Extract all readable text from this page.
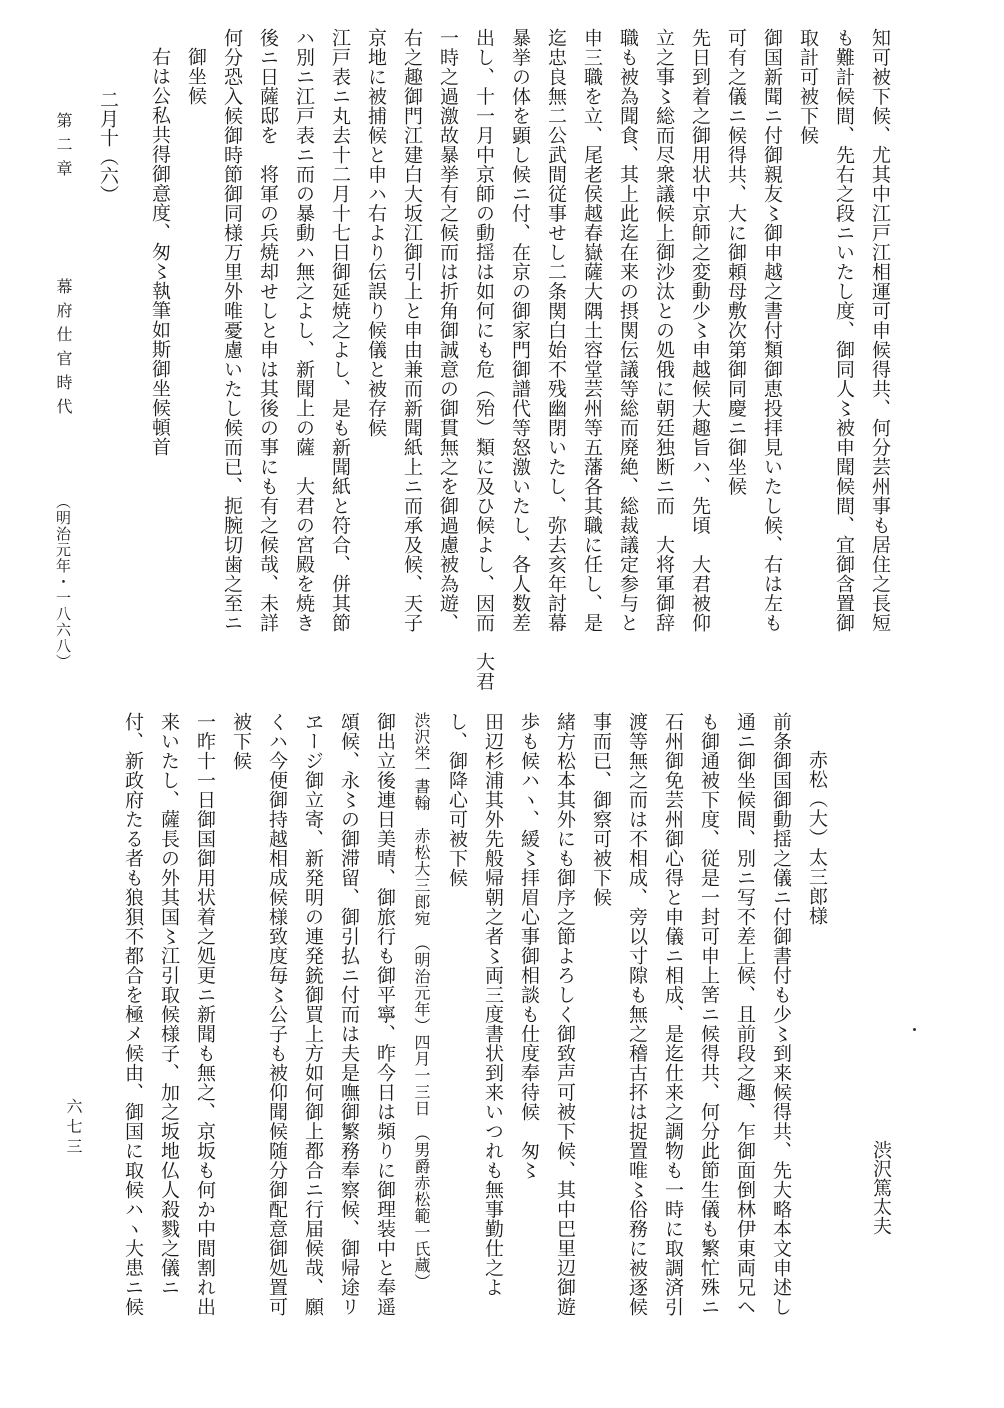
第二章  幕府仕官時代  （明治元年・一八六八）
二月十（六）
六七三
知可被下候、尤其中江戸江相運可申候得共、何分芸州事も居住之長短
も難計候間、先右之段ニいたし度、御同人〻被申聞候間、宜御含置御
取計可被下候
御国新聞ニ付御親友〻御申越之書付類御恵投拝見いたし候、右は左も
可有之儀ニ候得共、大に御頼母敷次第御同慶ニ御坐候
先日到着之御用状中京師之変動少〻申越候大趣旨ハ、先頃　大君被仰
立之事〻総而尽衆議候上御沙汰との処俄に朝廷独断ニ而　大将軍御辞
職も被為聞食、其上此迄在来の摂関伝議等総而廃絶、総裁議定参与と
申三職を立、尾老侯越春嶽薩大隅土容堂芸州等五藩各其職に任し、是
迄忠良無二公武間従事せし二条関白始不残幽閉いたし、弥去亥年討幕
暴挙の体を顕し候ニ付、在京の御家門御譜代等怒激いたし、各人数差
出し、十一月中京師の動揺は如何にも危（殆）類に及ひ候よし、因而　大君
一時之過激故暴挙有之候而は折角御誠意の御貫無之を御過慮被為遊、
右之趣御門江建白大坂江御引上と申由兼而新聞紙上ニ而承及候、天子
京地に被捕候と申ハ右より伝誤り候儀と被存候
江戸表ニ丸去十二月十七日御延焼之よし、是も新聞紙と符合、併其節
ハ別ニ江戸表ニ而の暴動ハ無之よし、新聞上の薩　大君の宮殿を焼き
後ニ日薩邸を　将軍の兵焼却せしと申は其後の事にも有之候哉、未詳
何分恐入候御時節御同様万里外唯憂慮いたし候而已、扼腕切歯之至ニ
御坐候
右は公私共得御意度、匆〻執筆如斯御坐候頓首
渋沢篤太夫
赤松（大）太三郎様
前条御国御動揺之儀ニ付御書付も少〻到来候得共、先大略本文申述し
通ニ御坐候間、別ニ写不差上候、且前段之趣、乍御面倒林伊東両兄ヘ
も御通被下度、従是一封可申上筈ニ候得共、何分此節生儀も繁忙殊ニ
石州御免芸州御心得と申儀ニ相成、是迄仕来之調物も一時に取調済引
渡等無之而は不相成、旁以寸隙も無之稽古抔は捉置唯〻俗務に被逐候
事而已、御察可被下候
緒方松本其外にも御序之節よろしく御致声可被下候、其中巴里辺御遊
歩も候ハヽ、緩〻拝眉心事御相談も仕度奉待候　匆〻
田辺杉浦其外先般帰朝之者〻両三度書状到来いつれも無事勤仕之よ
し、御降心可被下候
渋沢栄一書翰　赤松大三郎宛　（明治元年）四月一三日　（男爵赤松範一氏蔵）
御出立後連日美晴、御旅行も御平寧、昨今日は頻りに御理装中と奉遥
頌候、永〻の御滞留、御引払ニ付而は夫是嘸御繁務奉察候、御帰途リ
ヱージ御立寄、新発明の連発銃御買上方如何御上都合ニ行届候哉、願
くハ今便御持越相成候様致度毎〻公子も被仰聞候随分御配意御処置可
被下候
一昨十一日御国御用状着之処更ニ新聞も無之、京坂も何か中間割れ出
来いたし、薩長の外其国〻江引取候様子、加之坂地仏人殺戮之儀ニ
付、新政府たる者も狼狽不都合を極メ候由、御国に取候ハヽ大患ニ候
